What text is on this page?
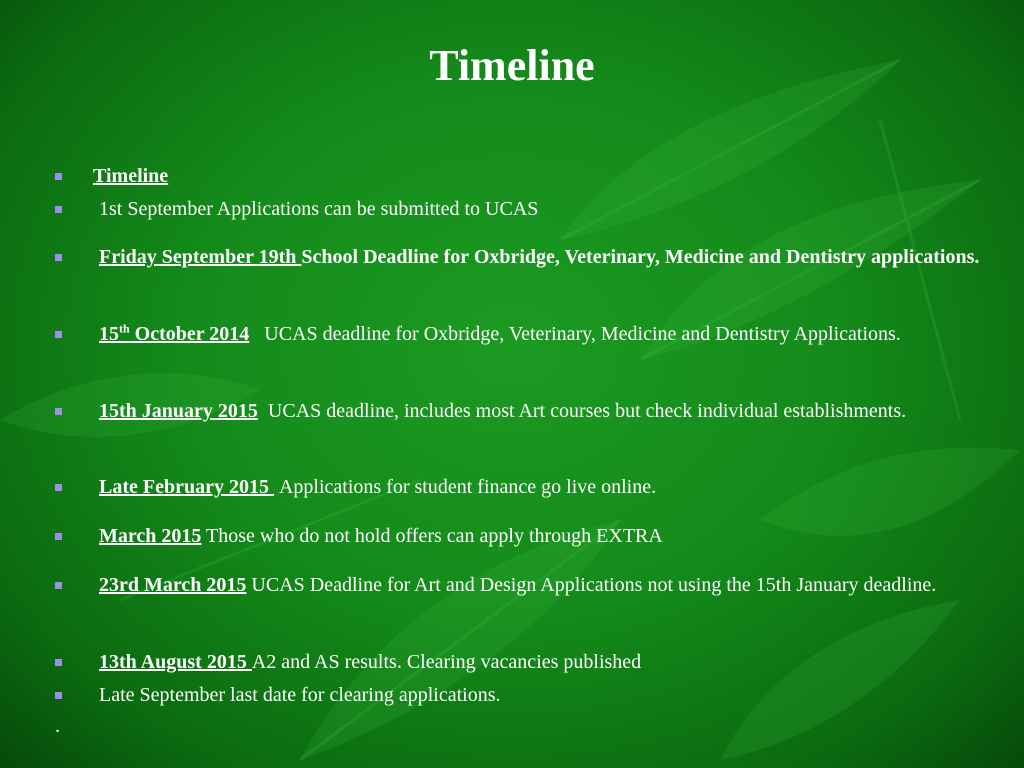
Timeline
Timeline
1st September Applications can be submitted to UCAS
Friday September 19th School Deadline for Oxbridge, Veterinary, Medicine and Dentistry applications.
15th October 2014 UCAS deadline for Oxbridge, Veterinary, Medicine and Dentistry Applications.
15th January 2015 UCAS deadline, includes most Art courses but check individual establishments.
Late February 2015  Applications for student finance go live online.
March 2015 Those who do not hold offers can apply through EXTRA
23rd March 2015 UCAS Deadline for Art and Design Applications not using the 15th January deadline.
13th August 2015 A2 and AS results. Clearing vacancies published
Late September last date for clearing applications.
.
